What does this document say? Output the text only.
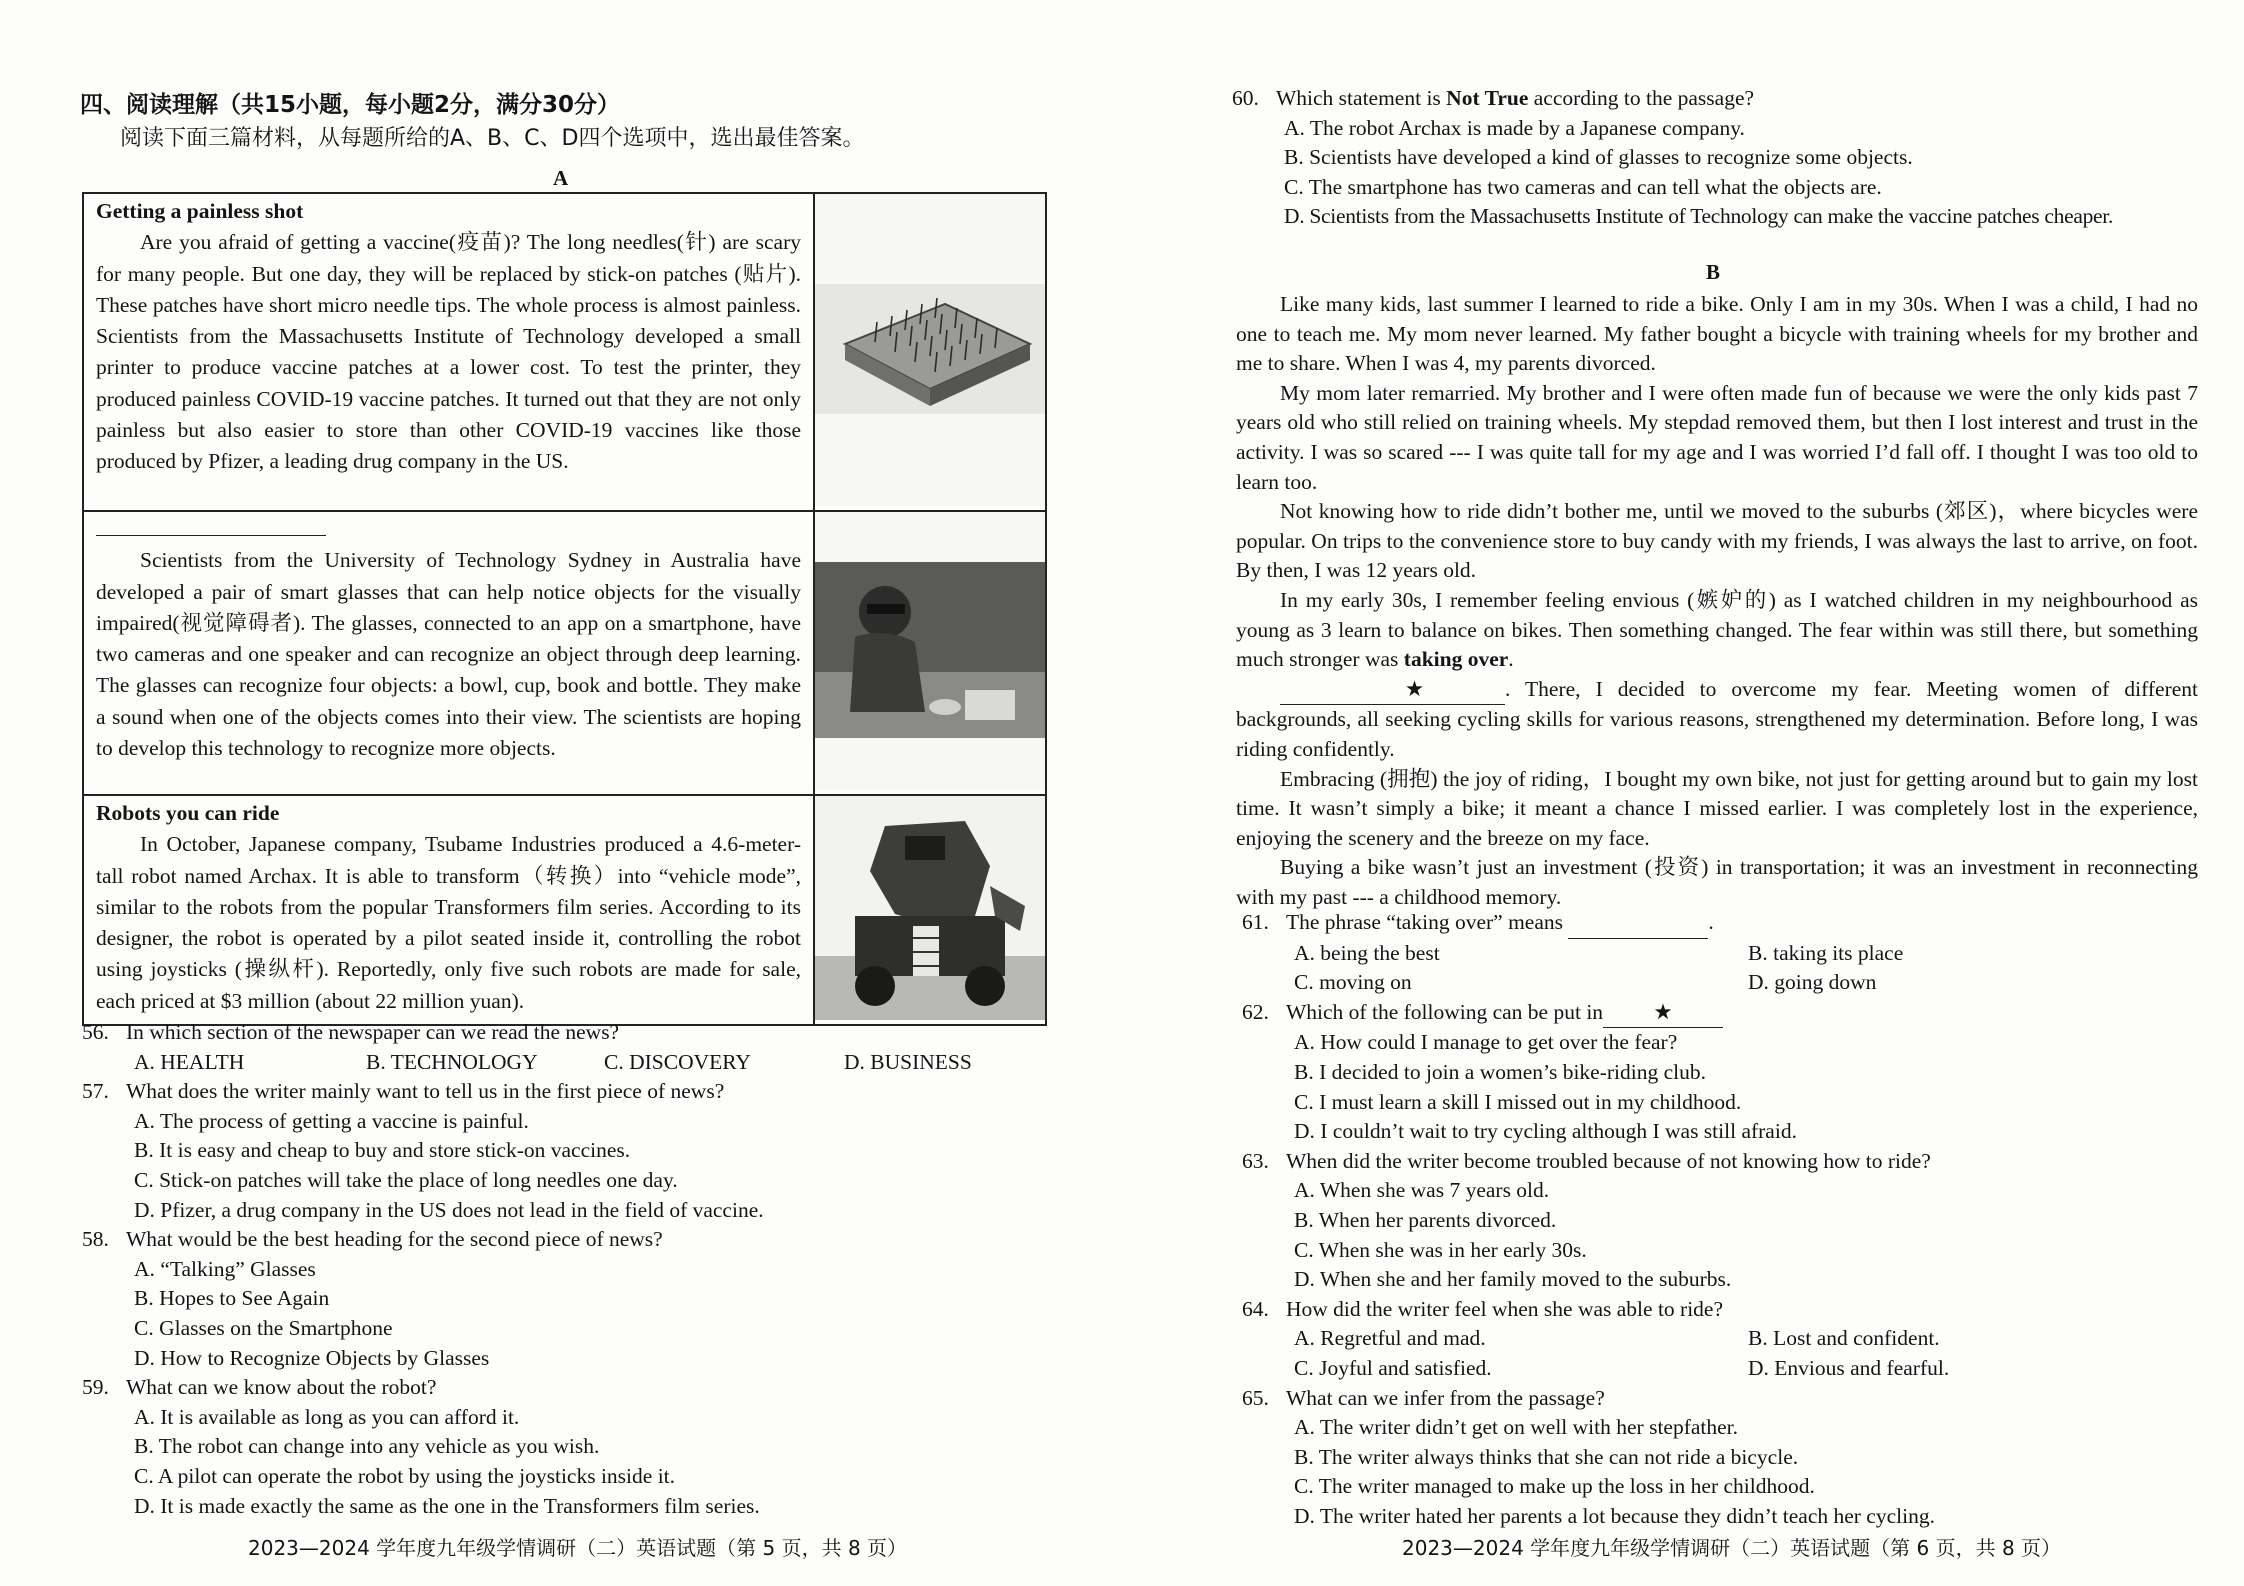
四、阅读理解（共15小题，每小题2分，满分30分）
阅读下面三篇材料，从每题所给的A、B、C、D四个选项中，选出最佳答案。
A
Getting a painless shot

Are you afraid of getting a vaccine(疫苗)? The long needles(针) are scary for many people. But one day, they will be replaced by stick-on patches (贴片). These patches have short micro needle tips. The whole process is almost painless. Scientists from the Massachusetts Institute of Technology developed a small printer to produce vaccine patches at a lower cost. To test the printer, they produced painless COVID-19 vaccine patches. It turned out that they are not only painless but also easier to store than other COVID-19 vaccines like those produced by Pfizer, a leading drug company in the US.

Scientists from the University of Technology Sydney in Australia have developed a pair of smart glasses that can help notice objects for the visually impaired(视觉障碍者). The glasses, connected to an app on a smartphone, have two cameras and one speaker and can recognize an object through deep learning. The glasses can recognize four objects: a bowl, cup, book and bottle. They make a sound when one of the objects comes into their view. The scientists are hoping to develop this technology to recognize more objects.

Robots you can ride

In October, Japanese company, Tsubame Industries produced a 4.6-meter-tall robot named Archax. It is able to transform（转换）into “vehicle mode”, similar to the robots from the popular Transformers film series. According to its designer, the robot is operated by a pilot seated inside it, controlling the robot using joysticks (操纵杆). Reportedly, only five such robots are made for sale, each priced at $3 million (about 22 million yuan).

56. In which section of the newspaper can we read the news?

A. HEALTH	B. TECHNOLOGY	C. DISCOVERY	D. BUSINESS

57. What does the writer mainly want to tell us in the first piece of news?

A. The process of getting a vaccine is painful.

B. It is easy and cheap to buy and store stick-on vaccines.

C. Stick-on patches will take the place of long needles one day.

D. Pfizer, a drug company in the US does not lead in the field of vaccine.

58. What would be the best heading for the second piece of news?

A. “Talking” Glasses

B. Hopes to See Again

C. Glasses on the Smartphone

D. How to Recognize Objects by Glasses

59. What can we know about the robot?

A. It is available as long as you can afford it.

B. The robot can change into any vehicle as you wish.

C. A pilot can operate the robot by using the joysticks inside it.

D. It is made exactly the same as the one in the Transformers film series.

2023—2024 学年度九年级学情调研（二）英语试题（第 5 页，共 8 页）

60. Which statement is Not True according to the passage?

A. The robot Archax is made by a Japanese company.

B. Scientists have developed a kind of glasses to recognize some objects.

C. The smartphone has two cameras and can tell what the objects are.

D. Scientists from the Massachusetts Institute of Technology can make the vaccine patches cheaper.

B

Like many kids, last summer I learned to ride a bike. Only I am in my 30s. When I was a child, I had no one to teach me. My mom never learned. My father bought a bicycle with training wheels for my brother and me to share. When I was 4, my parents divorced.

My mom later remarried. My brother and I were often made fun of because we were the only kids past 7 years old who still relied on training wheels. My stepdad removed them, but then I lost interest and trust in the activity. I was so scared --- I was quite tall for my age and I was worried I’d fall off. I thought I was too old to learn too.

Not knowing how to ride didn’t bother me, until we moved to the suburbs (郊区)，where bicycles were popular. On trips to the convenience store to buy candy with my friends, I was always the last to arrive, on foot. By then, I was 12 years old.

In my early 30s, I remember feeling envious (嫉妒的) as I watched children in my neighbourhood as young as 3 learn to balance on bikes. Then something changed. The fear within was still there, but something much stronger was taking over.

★	. There, I decided to overcome my fear. Meeting women of different backgrounds, all seeking cycling skills for various reasons, strengthened my determination. Before long, I was riding confidently.

Embracing (拥抱) the joy of riding，I bought my own bike, not just for getting around but to gain my lost time. It wasn’t simply a bike; it meant a chance I missed earlier. I was completely lost in the experience, enjoying the scenery and the breeze on my face.

Buying a bike wasn’t just an investment (投资) in transportation; it was an investment in reconnecting with my past --- a childhood memory.

61. The phrase “taking over” means	.

A. being the best	B. taking its place
C. moving on	D. going down

62. Which of the following can be put in ★

A. How could I manage to get over the fear?

B. I decided to join a women’s bike-riding club.

C. I must learn a skill I missed out in my childhood.

D. I couldn’t wait to try cycling although I was still afraid.

63. When did the writer become troubled because of not knowing how to ride?

A. When she was 7 years old.

B. When her parents divorced.

C. When she was in her early 30s.

D. When she and her family moved to the suburbs.

64. How did the writer feel when she was able to ride?

A. Regretful and mad.	B. Lost and confident.
C. Joyful and satisfied.	D. Envious and fearful.

65. What can we infer from the passage?

A. The writer didn’t get on well with her stepfather.

B. The writer always thinks that she can not ride a bicycle.

C. The writer managed to make up the loss in her childhood.

D. The writer hated her parents a lot because they didn’t teach her cycling.

2023—2024 学年度九年级学情调研（二）英语试题（第 6 页，共 8 页）
